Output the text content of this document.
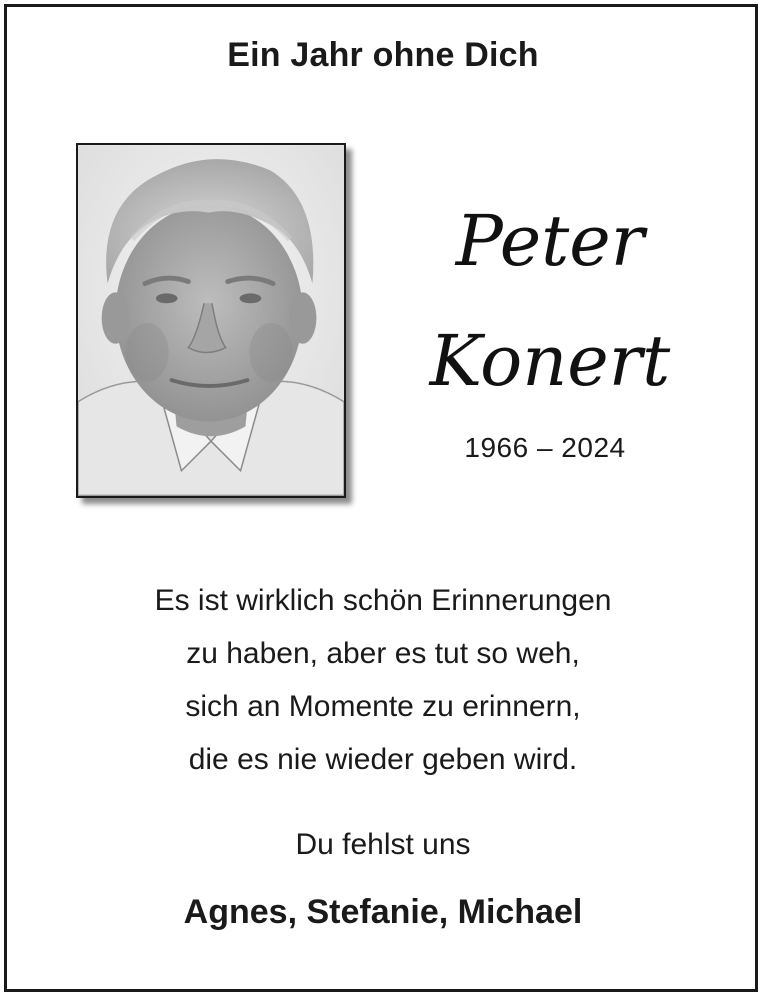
Ein Jahr ohne Dich
Peter
Konert
1966 – 2024
Es ist wirklich schön Erinnerungen
zu haben, aber es tut so weh,
sich an Momente zu erinnern,
die es nie wieder geben wird.
Du fehlst uns
Agnes, Stefanie, Michael
